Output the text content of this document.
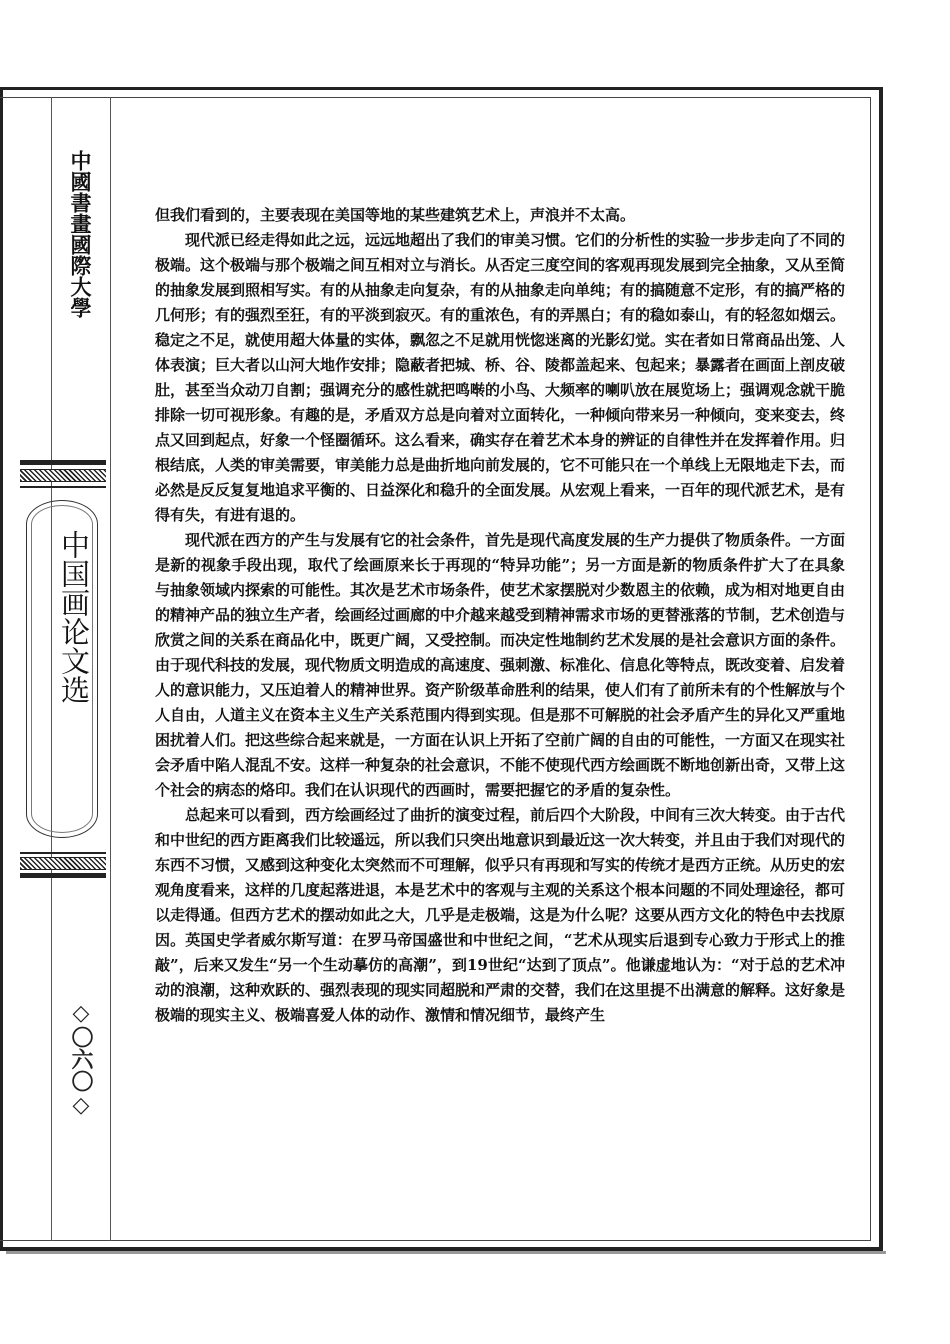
中國書畫國際大學
中国画论文选
◇〇六〇◇

但我们看到的，主要表现在美国等地的某些建筑艺术上，声浪并不太高。

现代派已经走得如此之远，远远地超出了我们的审美习惯。它们的分析性的实验一步步走向了不同的极端。这个极端与那个极端之间互相对立与消长。从否定三度空间的客观再现发展到完全抽象，又从至简的抽象发展到照相写实。有的从抽象走向复杂，有的从抽象走向单纯；有的搞随意不定形，有的搞严格的几何形；有的强烈至狂，有的平淡到寂灭。有的重浓色，有的弄黑白；有的稳如泰山，有的轻忽如烟云。稳定之不足，就使用超大体量的实体，飘忽之不足就用恍惚迷离的光影幻觉。实在者如日常商品出笼、人体表演；巨大者以山河大地作安排；隐蔽者把城、桥、谷、陵都盖起来、包起来；暴露者在画面上剖皮破肚，甚至当众动刀自割；强调充分的感性就把鸣啭的小鸟、大频率的喇叭放在展览场上；强调观念就干脆排除一切可视形象。有趣的是，矛盾双方总是向着对立面转化，一种倾向带来另一种倾向，变来变去，终点又回到起点，好象一个怪圈循环。这么看来，确实存在着艺术本身的辨证的自律性并在发挥着作用。归根结底，人类的审美需要，审美能力总是曲折地向前发展的，它不可能只在一个单线上无限地走下去，而必然是反反复复地追求平衡的、日益深化和稳升的全面发展。从宏观上看来，一百年的现代派艺术，是有得有失，有进有退的。

现代派在西方的产生与发展有它的社会条件，首先是现代高度发展的生产力提供了物质条件。一方面是新的视象手段出现，取代了绘画原来长于再现的“特异功能”；另一方面是新的物质条件扩大了在具象与抽象领域内探索的可能性。其次是艺术市场条件，使艺术家摆脱对少数恩主的依赖，成为相对地更自由的精神产品的独立生产者，绘画经过画廊的中介越来越受到精神需求市场的更替涨落的节制，艺术创造与欣赏之间的关系在商品化中，既更广阔，又受控制。而决定性地制约艺术发展的是社会意识方面的条件。由于现代科技的发展，现代物质文明造成的高速度、强刺激、标准化、信息化等特点，既改变着、启发着人的意识能力，又压迫着人的精神世界。资产阶级革命胜利的结果，使人们有了前所未有的个性解放与个人自由，人道主义在资本主义生产关系范围内得到实现。但是那不可解脱的社会矛盾产生的异化又严重地困扰着人们。把这些综合起来就是，一方面在认识上开拓了空前广阔的自由的可能性，一方面又在现实社会矛盾中陷人混乱不安。这样一种复杂的社会意识，不能不使现代西方绘画既不断地创新出奇，又带上这个社会的病态的烙印。我们在认识现代的西画时，需要把握它的矛盾的复杂性。

总起来可以看到，西方绘画经过了曲折的演变过程，前后四个大阶段，中间有三次大转变。由于古代和中世纪的西方距离我们比较遥远，所以我们只突出地意识到最近这一次大转变，并且由于我们对现代的东西不习惯，又感到这种变化太突然而不可理解，似乎只有再现和写实的传统才是西方正统。从历史的宏观角度看来，这样的几度起落进退，本是艺术中的客观与主观的关系这个根本问题的不同处理途径，都可以走得通。但西方艺术的摆动如此之大，几乎是走极端，这是为什么呢？这要从西方文化的特色中去找原因。英国史学者威尔斯写道：在罗马帝国盛世和中世纪之间，“艺术从现实后退到专心致力于形式上的推敲”，后来又发生“另一个生动摹仿的高潮”，到19世纪“达到了顶点”。他谦虚地认为：“对于总的艺术冲动的浪潮，这种欢跃的、强烈表现的现实同超脱和严肃的交替，我们在这里提不出满意的解释。这好象是极端的现实主义、极端喜爱人体的动作、激情和情况细节，最终产生
